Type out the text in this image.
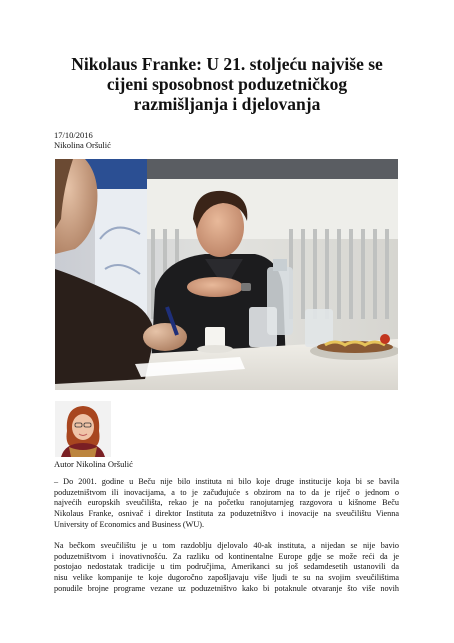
Nikolaus Franke: U 21. stoljeću najviše se
cijeni sposobnost poduzetničkog
razmišljanja i djelovanja
17/10/2016
Nikolina Oršulić
Autor Nikolina Oršulić
– Do 2001. godine u Beču nije bilo instituta ni bilo koje druge institucije koja bi se bavila
poduzetništvom ili inovacijama, a to je začuđujuće s obzirom na to da je riječ o jednom o
najvećih europskih sveučilišta, rekao je na početku ranojutarnjeg razgovora u kišnome Beču
Nikolaus Franke, osnivač i direktor Instituta za poduzetništvo i inovacije na sveučilištu Vienna
University of Economics and Business (WU).
Na bečkom sveučilištu je u tom razdoblju djelovalo 40-ak instituta, a nijedan se nije bavio
poduzetništvom i inovativnošću. Za razliku od kontinentalne Europe gdje se može reći da je
postojao nedostatak tradicije u tim područjima, Amerikanci su još sedamdesetih ustanovili da
nisu velike kompanije te koje dugoročno zapošljavaju više ljudi te su na svojim sveučilištima
ponudile brojne programe vezane uz poduzetništvo kako bi potaknule otvaranje što više novih
